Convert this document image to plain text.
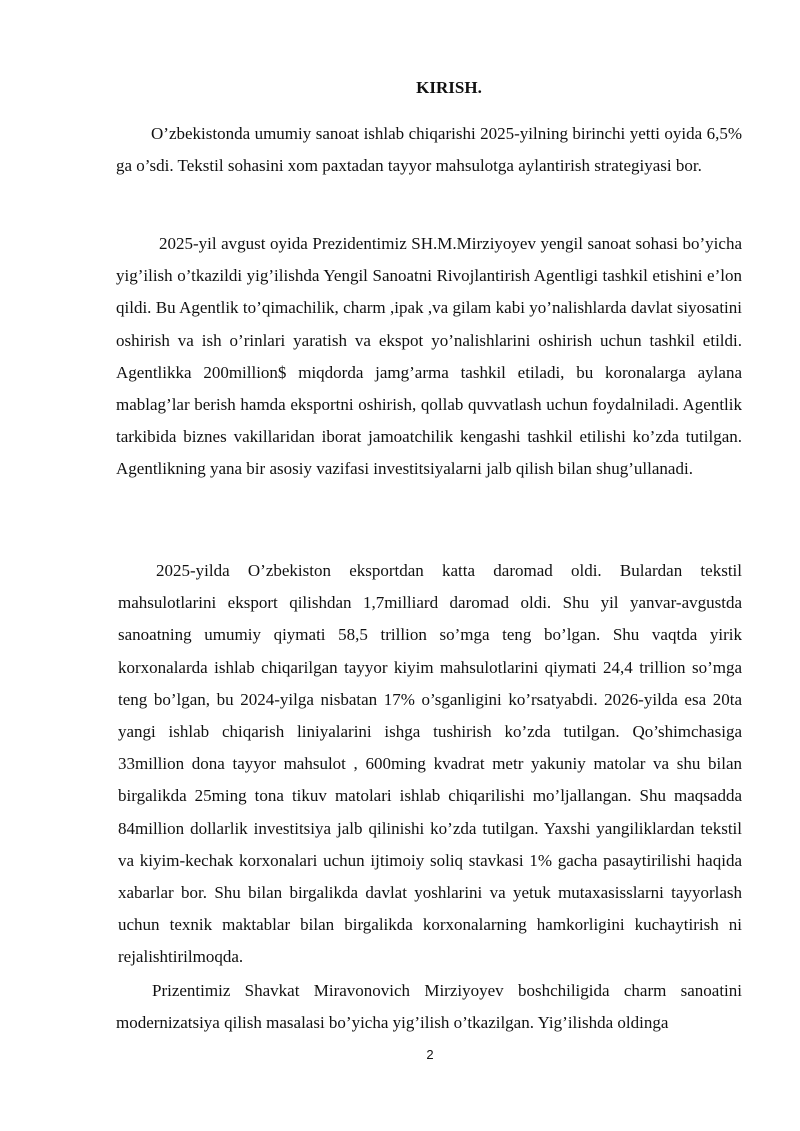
KIRISH.

O’zbekistonda umumiy sanoat ishlab chiqarishi 2025-yilning birinchi yetti oyida 6,5% ga o’sdi. Tekstil sohasini xom paxtadan tayyor mahsulotga aylantirish strategiyasi bor.

2025-yil avgust oyida Prezidentimiz SH.M.Mirziyoyev yengil sanoat sohasi bo’yicha yig’ilish o’tkazildi yig’ilishda Yengil Sanoatni Rivojlantirish Agentligi tashkil etishini e’lon qildi. Bu Agentlik to’qimachilik, charm ,ipak ,va gilam kabi yo’nalishlarda davlat siyosatini oshirish va ish o’rinlari yaratish va ekspot yo’nalishlarini oshirish uchun tashkil etildi. Agentlikka 200million$ miqdorda jamg’arma tashkil etiladi, bu koronalarga aylana mablag’lar berish hamda eksportni oshirish, qollab quvvatlash uchun foydalniladi. Agentlik tarkibida biznes vakillaridan iborat jamoatchilik kengashi tashkil etilishi ko’zda tutilgan. Agentlikning yana bir asosiy vazifasi investitsiyalarni jalb qilish bilan shug’ullanadi.

2025-yilda O’zbekiston eksportdan katta daromad oldi. Bulardan tekstil mahsulotlarini eksport qilishdan 1,7milliard daromad oldi. Shu yil yanvar-avgustda sanoatning umumiy qiymati 58,5 trillion so’mga teng bo’lgan. Shu vaqtda yirik korxonalarda ishlab chiqarilgan tayyor kiyim mahsulotlarini qiymati 24,4 trillion so’mga teng bo’lgan, bu 2024-yilga nisbatan 17% o’sganligini ko’rsatyabdi. 2026-yilda esa 20ta yangi ishlab chiqarish liniyalarini ishga tushirish ko’zda tutilgan. Qo’shimchasiga 33million dona tayyor mahsulot , 600ming kvadrat metr yakuniy matolar va shu bilan birgalikda 25ming tona tikuv matolari ishlab chiqarilishi mo’ljallangan. Shu maqsadda 84million dollarlik investitsiya jalb qilinishi ko’zda tutilgan. Yaxshi yangiliklardan tekstil va kiyim-kechak korxonalari uchun ijtimoiy soliq stavkasi 1% gacha pasaytirilishi haqida xabarlar bor. Shu bilan birgalikda davlat yoshlarini va yetuk mutaxasisslarni tayyorlash uchun texnik maktablar bilan birgalikda korxonalarning hamkorligini kuchaytirish ni rejalishtirilmoqda.

Prizentimiz Shavkat Miravonovich Mirziyoyev boshchiligida charm sanoatini modernizatsiya qilish masalasi bo’yicha yig’ilish o’tkazilgan. Yig’ilishda oldinga

2
